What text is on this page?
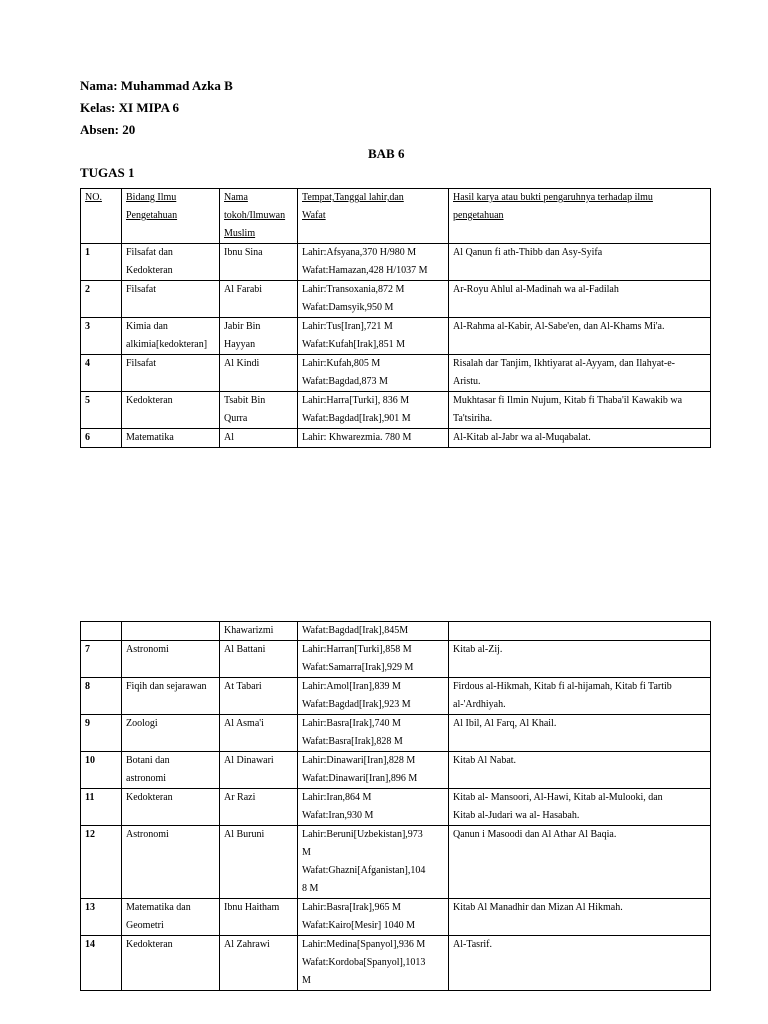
Nama: Muhammad Azka B
Kelas: XI MIPA 6
Absen: 20
BAB 6
TUGAS 1
NO.	Bidang Ilmu
Pengetahuan	Nama
tokoh/Ilmuwan
Muslim	Tempat,Tanggal lahir,dan
Wafat	Hasil karya atau bukti pengaruhnya terhadap ilmu
pengetahuan

1	Filsafat dan
Kedokteran	Ibnu Sina	Lahir:Afsyana,370 H/980 M
Wafat:Hamazan,428 H/1037 M	Al Qanun fi ath-Thibb dan Asy-Syifa

2	Filsafat	Al Farabi	Lahir:Transoxania,872 M
Wafat:Damsyik,950 M	Ar-Royu Ahlul al-Madinah wa al-Fadilah

3	Kimia dan
alkimia[kedokteran]	Jabir Bin
Hayyan	Lahir:Tus[Iran],721 M
Wafat:Kufah[Irak],851 M	Al-Rahma al-Kabir, Al-Sabe'en, dan Al-Khams Mi'a.

4	Filsafat	Al Kindi	Lahir:Kufah,805 M
Wafat:Bagdad,873 M	Risalah dar Tanjim, Ikhtiyarat al-Ayyam, dan Ilahyat-e-
Aristu.

5	Kedokteran	Tsabit Bin
Qurra	Lahir:Harra[Turki], 836 M
Wafat:Bagdad[Irak],901 M	Mukhtasar fi Ilmin Nujum, Kitab fi Thaba'il Kawakib wa
Ta'tsiriha.

6	Matematika	Al	Lahir: Khwarezmia. 780 M	Al-Kitab al-Jabr wa al-Muqabalat.

		Khawarizmi	Wafat:Bagdad[Irak],845M	

7	Astronomi	Al Battani	Lahir:Harran[Turki],858 M
Wafat:Samarra[Irak],929 M	Kitab al-Zij.

8	Fiqih dan sejarawan	At Tabari	Lahir:Amol[Iran],839 M
Wafat:Bagdad[Irak],923 M	Firdous al-Hikmah, Kitab fi al-hijamah, Kitab fi Tartib
al-'Ardhiyah.

9	Zoologi	Al Asma'i	Lahir:Basra[Irak],740 M
Wafat:Basra[Irak],828 M	Al Ibil, Al Farq, Al Khail.

10	Botani dan
astronomi	Al Dinawari	Lahir:Dinawari[Iran],828 M
Wafat:Dinawari[Iran],896 M	Kitab Al Nabat.

11	Kedokteran	Ar Razi	Lahir:Iran,864 M
Wafat:Iran,930 M	Kitab al- Mansoori, Al-Hawi, Kitab al-Mulooki, dan
Kitab al-Judari wa al- Hasabah.

12	Astronomi	Al Buruni	Lahir:Beruni[Uzbekistan],973
M
Wafat:Ghazni[Afganistan],104
8 M	Qanun i Masoodi dan Al Athar Al Baqia.

13	Matematika dan
Geometri	Ibnu Haitham	Lahir:Basra[Irak],965 M
Wafat:Kairo[Mesir] 1040 M	Kitab Al Manadhir dan Mizan Al Hikmah.

14	Kedokteran	Al Zahrawi	Lahir:Medina[Spanyol],936 M
Wafat:Kordoba[Spanyol],1013
M	Al-Tasrif.
